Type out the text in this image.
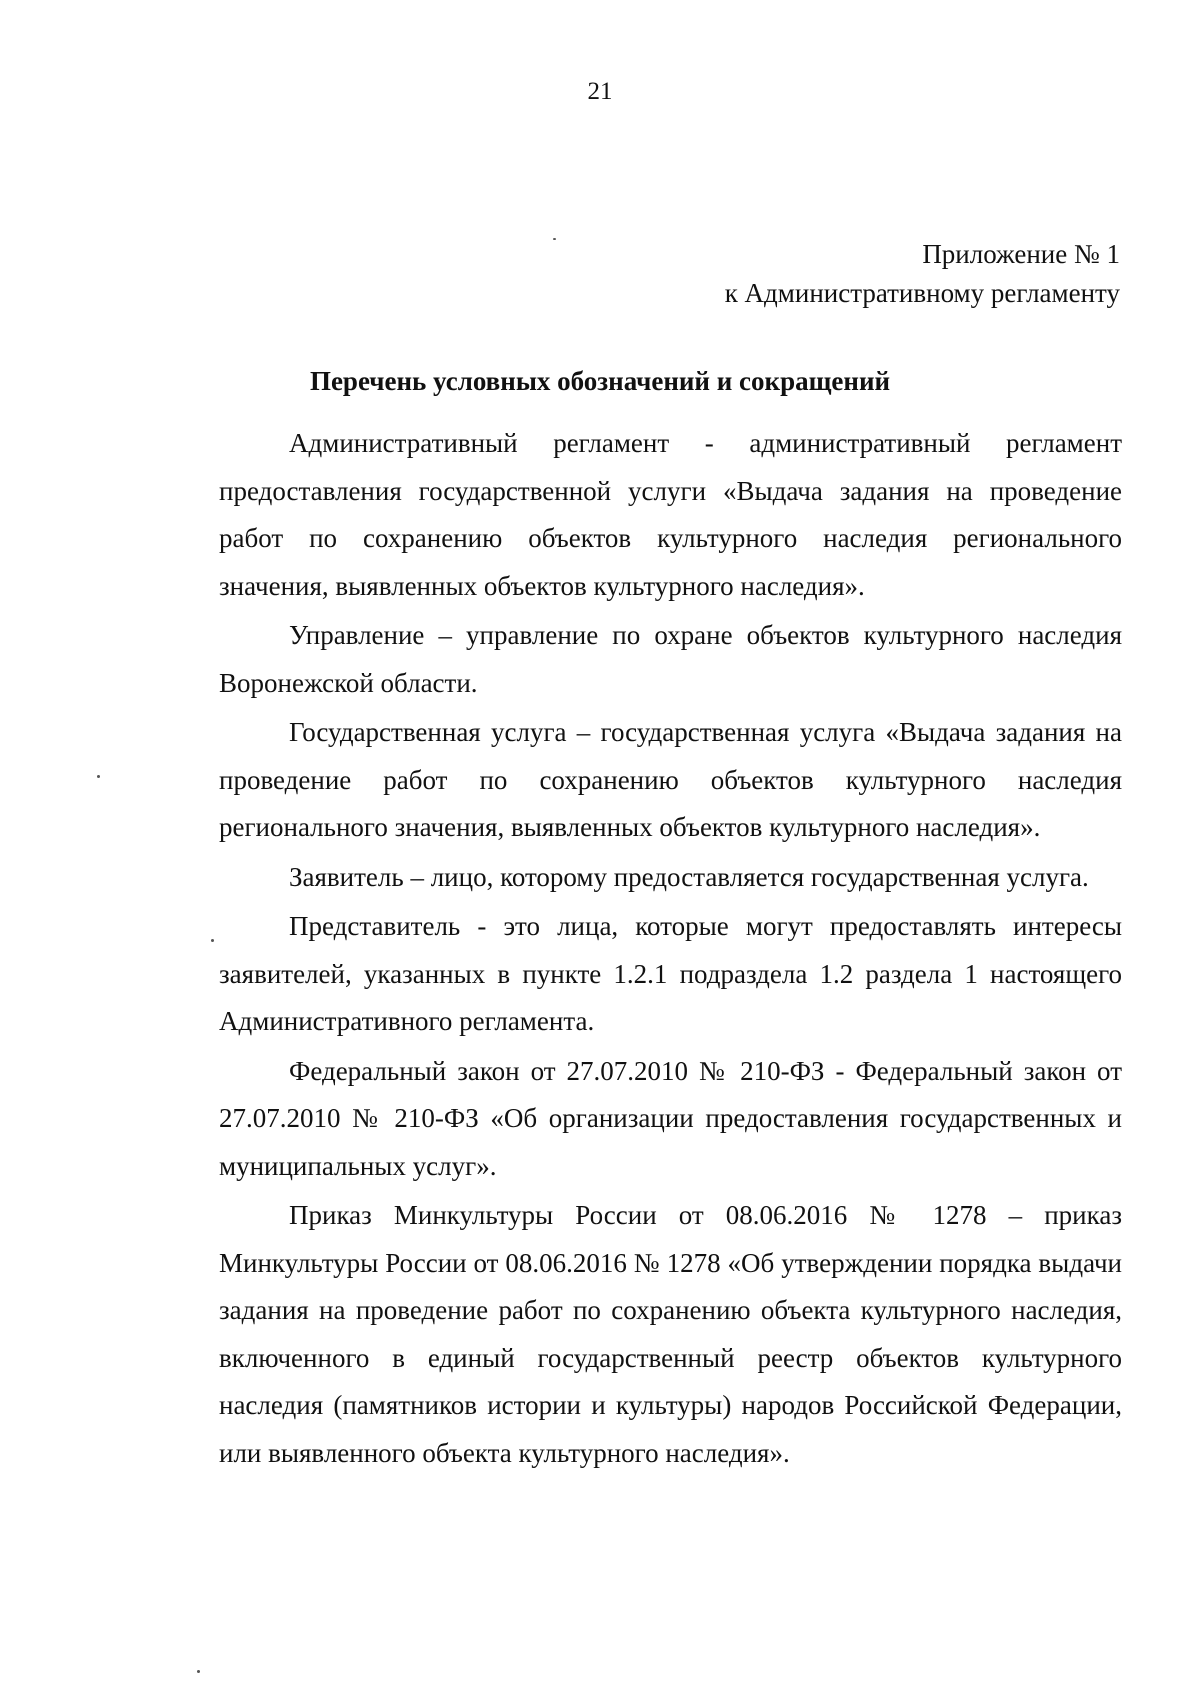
21
Приложение № 1
к Административному регламенту
Перечень условных обозначений и сокращений

Административный регламент - административный регламент предоставления государственной услуги «Выдача задания на проведение работ по сохранению объектов культурного наследия регионального значения, выявленных объектов культурного наследия».

Управление – управление по охране объектов культурного наследия Воронежской области.

Государственная услуга – государственная услуга «Выдача задания на проведение работ по сохранению объектов культурного наследия регионального значения, выявленных объектов культурного наследия».

Заявитель – лицо, которому предоставляется государственная услуга.

Представитель - это лица, которые могут предоставлять интересы заявителей, указанных в пункте 1.2.1 подраздела 1.2 раздела 1 настоящего Административного регламента.

Федеральный закон от 27.07.2010 № 210-ФЗ - Федеральный закон от 27.07.2010 № 210-ФЗ «Об организации предоставления государственных и муниципальных услуг».

Приказ Минкультуры России от 08.06.2016 № 1278 – приказ Минкультуры России от 08.06.2016 № 1278 «Об утверждении порядка выдачи задания на проведение работ по сохранению объекта культурного наследия, включенного в единый государственный реестр объектов культурного наследия (памятников истории и культуры) народов Российской Федерации, или выявленного объекта культурного наследия».
